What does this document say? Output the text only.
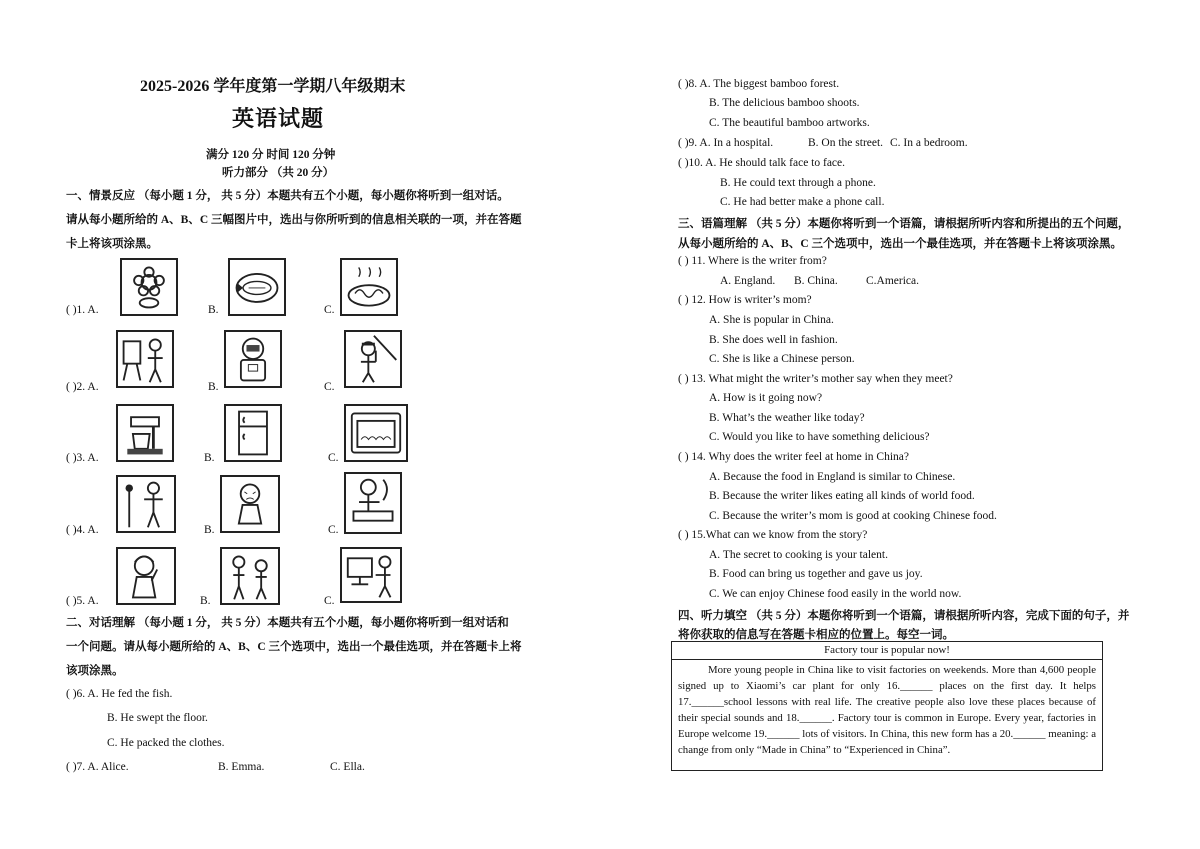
2025-2026 学年度第一学期八年级期末
英语试题
满分 120 分 时间 120 分钟
听力部分 （共 20 分）
一、情景反应 （每小题 1 分， 共 5 分）本题共有五个小题，每小题你将听到一组对话。
请从每小题所给的 A、B、C 三幅图片中，选出与你所听到的信息相关联的一项，并在答题
卡上将该项涂黑。
( )1. A.	B.	C.
( )2. A.	B.	C.
( )3. A.	B.	C.
( )4. A.	B.	C.
( )5. A.	B.	C.
二、对话理解 （每小题 1 分， 共 5 分）本题共有五个小题，每小题你将听到一组对话和
一个问题。请从每小题所给的 A、B、C 三个选项中，选出一个最佳选项，并在答题卡上将
该项涂黑。
( )6. A. He fed the fish.
B. He swept the floor.
C. He packed the clothes.
( )7. A. Alice.	B. Emma.	C. Ella.
( )8. A. The biggest bamboo forest.
B. The delicious bamboo shoots.
C. The beautiful bamboo artworks.
( )9. A. In a hospital.	B. On the street. C. In a bedroom.
( )10. A. He should talk face to face.
B. He could text through a phone.
C. He had better make a phone call.
三、语篇理解 （共 5 分）本题你将听到一个语篇，请根据所听内容和所提出的五个问题，
从每小题所给的 A、B、C 三个选项中，选出一个最佳选项，并在答题卡上将该项涂黑。
( ) 11. Where is the writer from?
A. England. B. China. C.America.
( ) 12. How is writer’s mom?
A. She is popular in China.
B. She does well in fashion.
C. She is like a Chinese person.
( ) 13. What might the writer’s mother say when they meet?
A. How is it going now?
B. What’s the weather like today?
C. Would you like to have something delicious?
( ) 14. Why does the writer feel at home in China?
A. Because the food in England is similar to Chinese.
B. Because the writer likes eating all kinds of world food.
C. Because the writer’s mom is good at cooking Chinese food.
( ) 15.What can we know from the story?
A. The secret to cooking is your talent.
B. Food can bring us together and gave us joy.
C. We can enjoy Chinese food easily in the world now.
四、听力填空 （共 5 分）本题你将听到一个语篇，请根据所听内容，完成下面的句子，并
将你获取的信息写在答题卡相应的位置上。每空一词。
Factory tour is popular now!

More young people in China like to visit factories on weekends. More than 4,600 people signed up to Xiaomi’s car plant for only 16.______ places on the first day. It helps 17.______school lessons with real life. The creative people also love these places because of their special sounds and 18.______. Factory tour is common in Europe. Every year, factories in Europe welcome 19.______ lots of visitors. In China, this new form has a 20.______ meaning: a change from only “Made in China” to “Experienced in China”.
